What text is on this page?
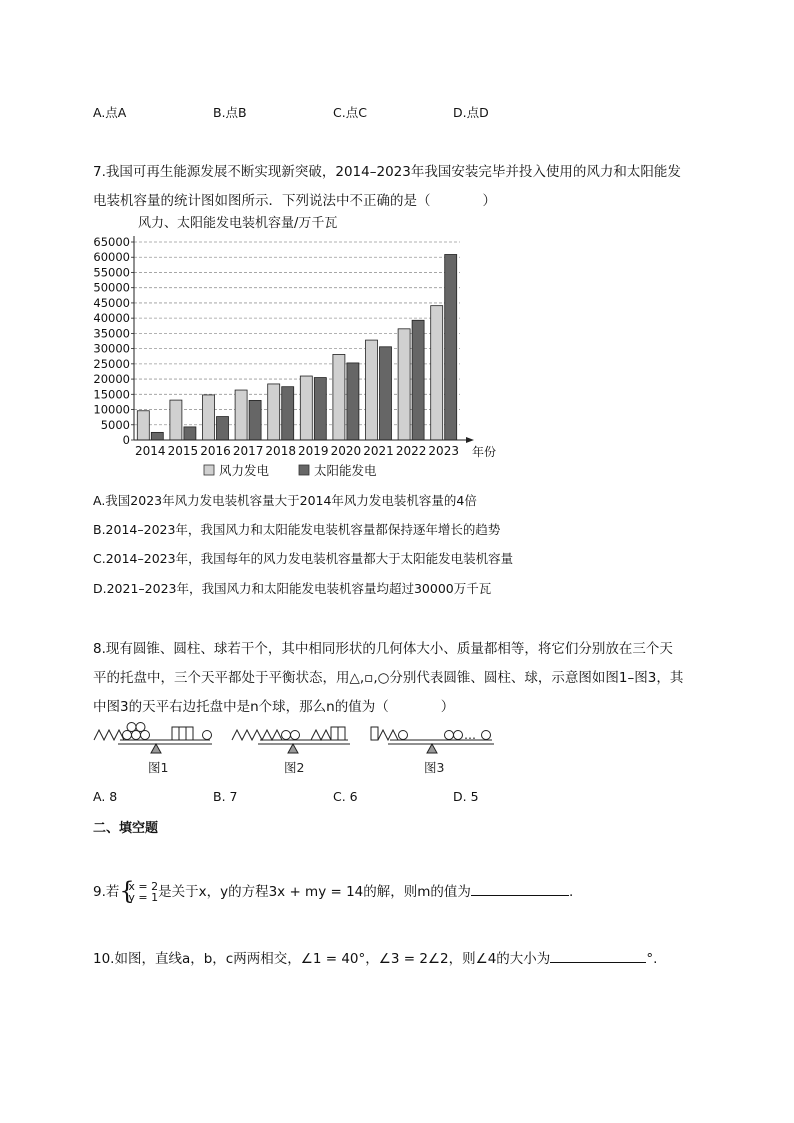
A.点A	B.点B	C.点C	D.点D
7.我国可再生能源发展不断实现新突破，2014–2023年我国安装完毕并投入使用的风力和太阳能发
电装机容量的统计图如图所示．下列说法中不正确的是（	）
0
5000
10000
15000
20000
25000
30000
35000
40000
45000
50000
55000
60000
65000
2014 2015 2016 2017 2018 2019 2020 2021 2022 2023
风力、太阳能发电装机容量/万千瓦
年份
风力发电	太阳能发电
A.我国2023年风力发电装机容量大于2014年风力发电装机容量的4倍
B.2014–2023年，我国风力和太阳能发电装机容量都保持逐年增长的趋势
C.2014–2023年，我国每年的风力发电装机容量都大于太阳能发电装机容量
D.2021–2023年，我国风力和太阳能发电装机容量均超过30000万千瓦
8.现有圆锥、圆柱、球若干个，其中相同形状的几何体大小、质量都相等，将它们分别放在三个天
平的托盘中，三个天平都处于平衡状态，用△,▫,○分别代表圆锥、圆柱、球，示意图如图1–图3，其
中图3的天平右边托盘中是n个球，那么n的值为（	）
图1	图2
…
图3
A. 8	B. 7	C. 6	D. 5
二、填空题
9.若 {
x = 2
y = 1 是关于x，y的方程3x + my = 14的解，则m的值为	.
10.如图，直线a，b，c两两相交，∠1 = 40°，∠3 = 2∠2，则∠4的大小为	°.
